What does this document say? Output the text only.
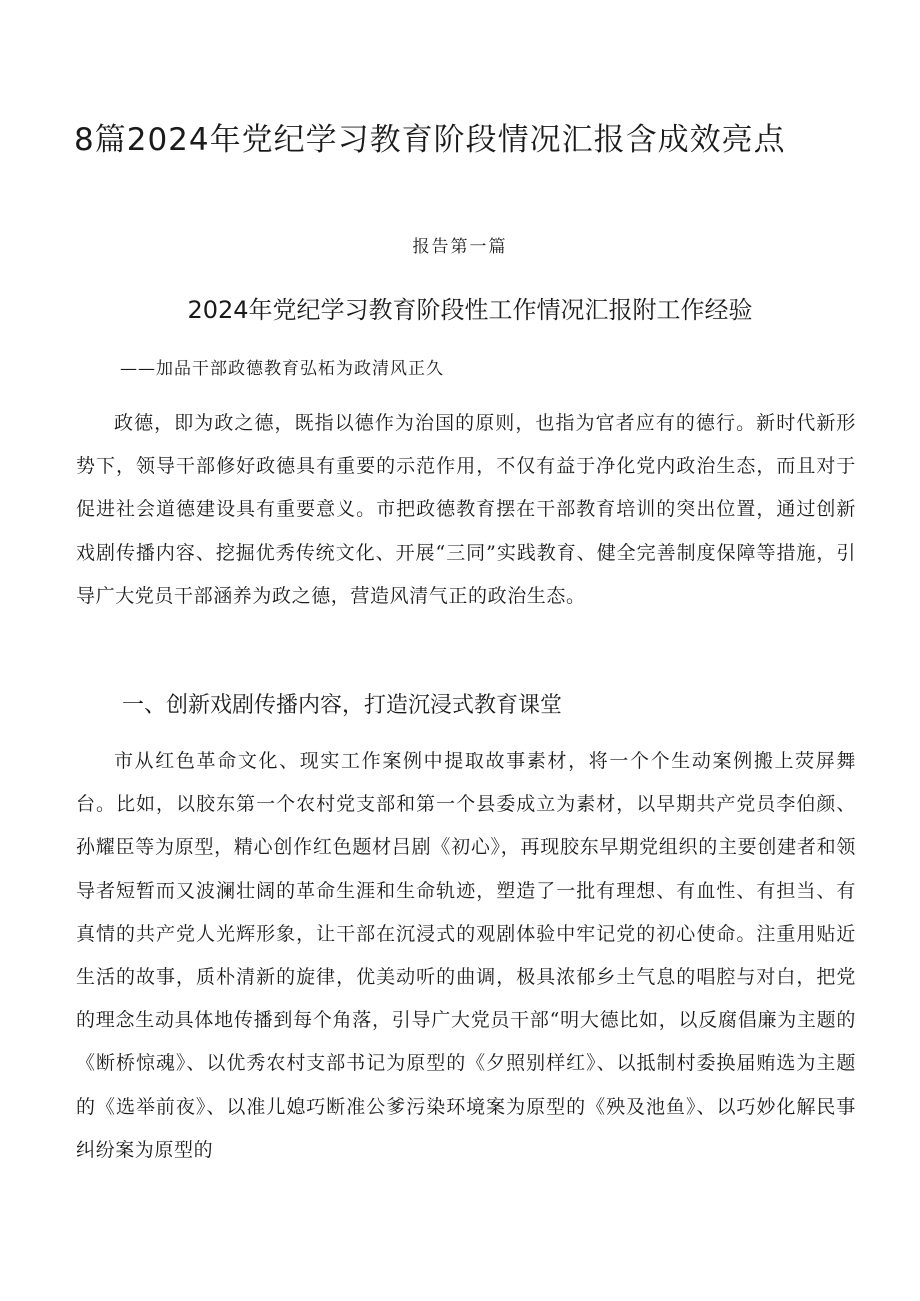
8篇2024年党纪学习教育阶段情况汇报含成效亮点

报告第一篇

2024年党纪学习教育阶段性工作情况汇报附工作经验

——加品干部政德教育弘柘为政清风正久

政德，即为政之德，既指以德作为治国的原则，也指为官者应有的德行。新时代新形势下，领导干部修好政德具有重要的示范作用，不仅有益于净化党内政治生态，而且对于促进社会道德建设具有重要意义。市把政德教育摆在干部教育培训的突出位置，通过创新戏剧传播内容、挖掘优秀传统文化、开展“三同”实践教育、健全完善制度保障等措施，引导广大党员干部涵养为政之德，营造风清气正的政治生态。

一、创新戏剧传播内容，打造沉浸式教育课堂

市从红色革命文化、现实工作案例中提取故事素材，将一个个生动案例搬上荧屏舞台。比如，以胶东第一个农村党支部和第一个县委成立为素材，以早期共产党员李伯颜、孙耀臣等为原型，精心创作红色题材吕剧《初心》，再现胶东早期党组织的主要创建者和领导者短暂而又波澜壮阔的革命生涯和生命轨迹，塑造了一批有理想、有血性、有担当、有真情的共产党人光辉形象，让干部在沉浸式的观剧体验中牢记党的初心使命。注重用贴近生活的故事，质朴清新的旋律，优美动听的曲调，极具浓郁乡土气息的唱腔与对白，把党的理念生动具体地传播到每个角落，引导广大党员干部“明大德比如，以反腐倡廉为主题的《断桥惊魂》、以优秀农村支部书记为原型的《夕照别样红》、以抵制村委换届贿选为主题的《选举前夜》、以准儿媳巧断准公爹污染环境案为原型的《殃及池鱼》、以巧妙化解民事纠纷案为原型的
